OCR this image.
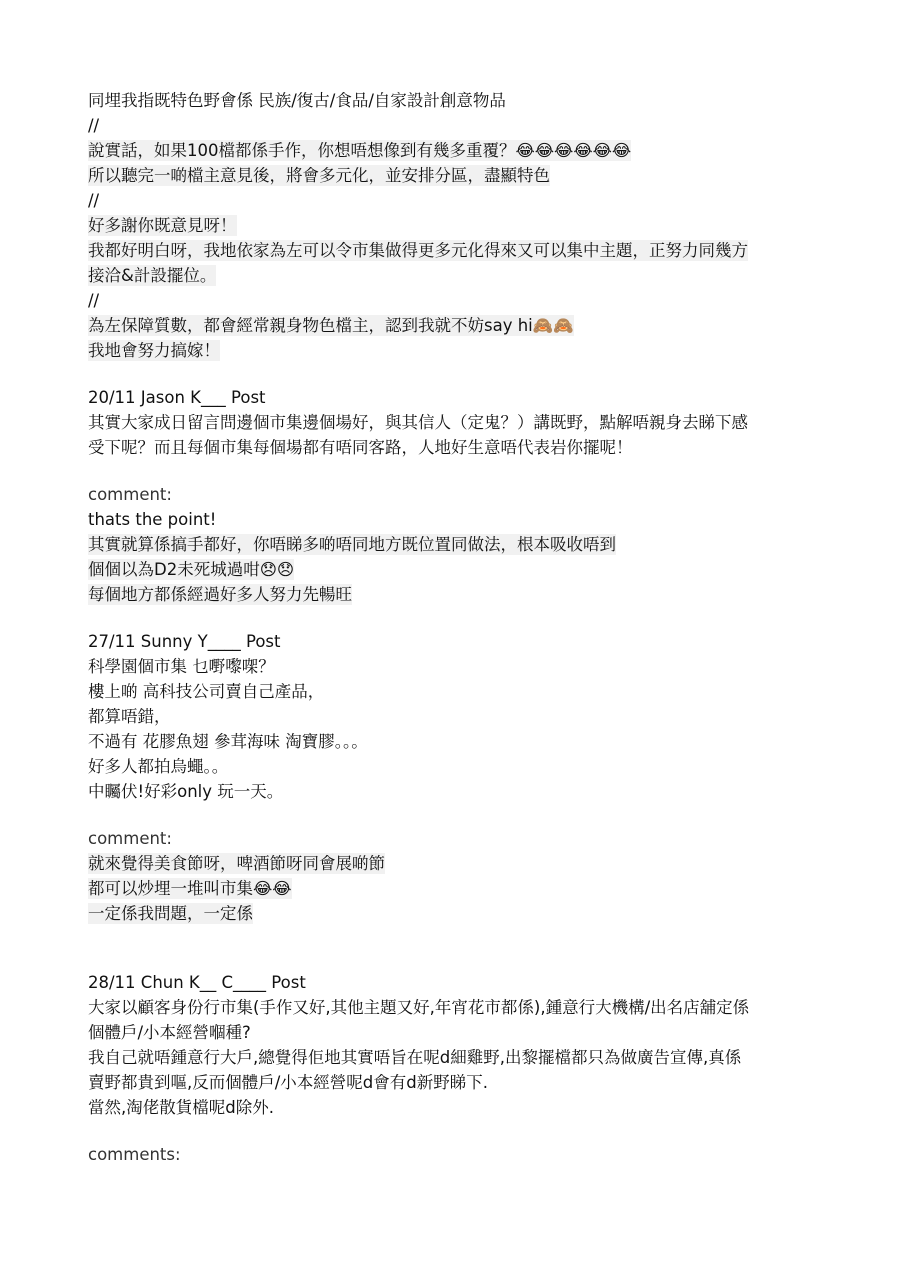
同埋我指既特色野會係 民族/復古/食品/自家設計創意物品
//
說實話，如果100檔都係手作，你想唔想像到有幾多重覆？😂😂😂😂😂😂
所以聽完一啲檔主意見後，將會多元化，並安排分區，盡顯特色
//
好多謝你既意見呀！
我都好明白呀，我地依家為左可以令市集做得更多元化得來又可以集中主題，正努力同幾方
接洽&計設擺位。
//
為左保障質數，都會經常親身物色檔主，認到我就不妨say hi🙈🙈
我地會努力搞嫁！
20/11 Jason K___ Post
其實大家成日留言問邊個市集邊個場好，與其信人（定鬼？）講既野，點解唔親身去睇下感
受下呢？而且每個市集每個場都有唔同客路，人地好生意唔代表岩你擺呢！
comment:
thats the point!
其實就算係搞手都好，你唔睇多啲唔同地方既位置同做法，根本吸收唔到
個個以為D2未死城過咁😞😞
每個地方都係經過好多人努力先暢旺
27/11 Sunny Y____ Post
科學園個市集 乜嘢嚟㗎？
樓上啲 高科技公司賣自己產品，
都算唔錯，
不過有 花膠魚翅 參茸海味 淘寶膠。。。
好多人都拍烏蠅。。
中矚伏!好彩only 玩一天。
comment:
就來覺得美食節呀，啤酒節呀同會展啲節
都可以炒埋一堆叫市集😂😂
一定係我問題，一定係
28/11 Chun K__ C____ Post
大家以顧客身份行市集(手作又好,其他主題又好,年宵花市都係),鍾意行大機構/出名店舖定係
個體戶/小本經營嗰種?
我自己就唔鍾意行大戶,總覺得佢地其實唔旨在呢d細雞野,出黎擺檔都只為做廣告宣傳,真係
賣野都貴到嘔,反而個體戶/小本經營呢d會有d新野睇下.
當然,淘佬散貨檔呢d除外.
comments:
